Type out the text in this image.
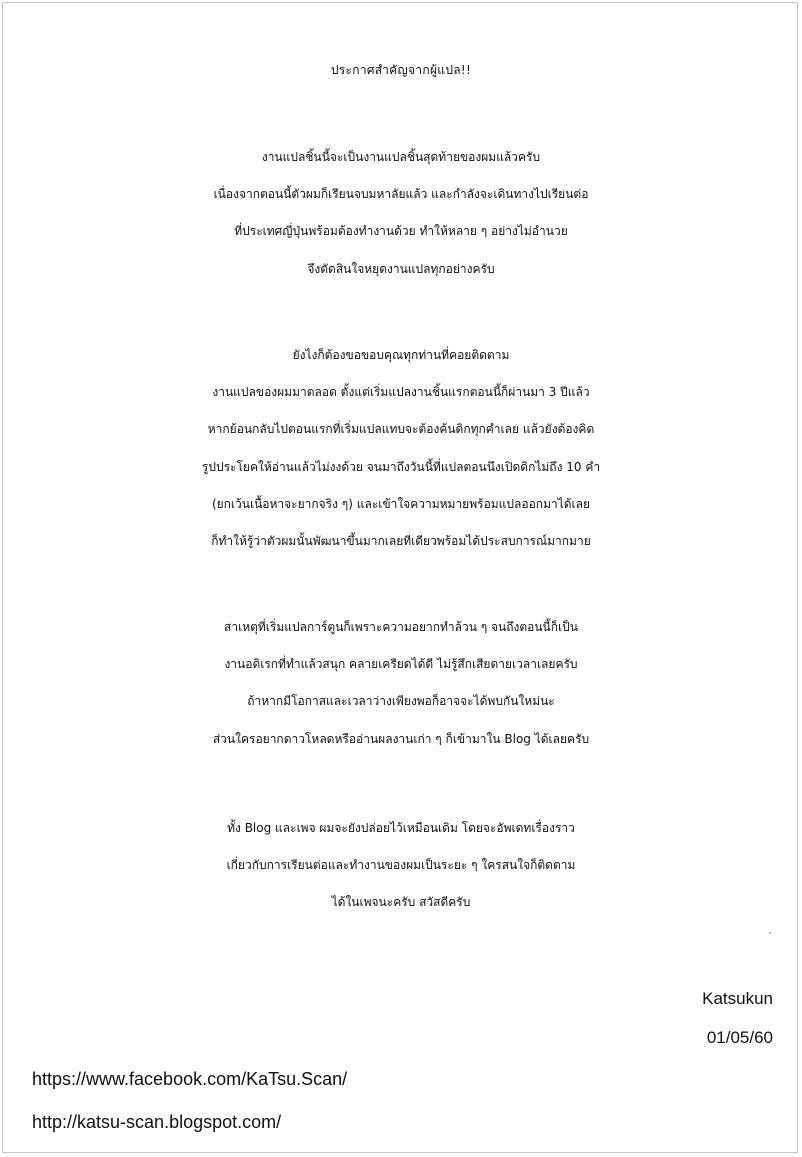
ประกาศสำคัญจากผู้แปล!!

งานแปลชิ้นนี้จะเป็นงานแปลชิ้นสุดท้ายของผมแล้วครับ
เนื่องจากตอนนี้ตัวผมก็เรียนจบมหาลัยแล้ว และกำลังจะเดินทางไปเรียนต่อ
ที่ประเทศญี่ปุ่นพร้อมต้องทำงานด้วย ทำให้หลาย ๆ อย่างไม่อำนวย
จึงตัดสินใจหยุดงานแปลทุกอย่างครับ

ยังไงก็ต้องขอขอบคุณทุกท่านที่คอยติดตาม
งานแปลของผมมาตลอด ตั้งแต่เริ่มแปลงานชิ้นแรกตอนนี้ก็ผ่านมา 3 ปีแล้ว
หากย้อนกลับไปตอนแรกที่เริ่มแปลแทบจะต้องค้นดิกทุกคำเลย แล้วยังต้องคิด
รูปประโยคให้อ่านแล้วไม่งงด้วย จนมาถึงวันนี้ที่แปลตอนนึงเปิดดิกไม่ถึง 10 คำ
(ยกเว้นเนื้อหาจะยากจริง ๆ) และเข้าใจความหมายพร้อมแปลออกมาได้เลย
ก็ทำให้รู้ว่าตัวผมนั้นพัฒนาขึ้นมากเลยทีเดียวพร้อมได้ประสบการณ์มากมาย

สาเหตุที่เริ่มแปลการ์ตูนก็เพราะความอยากทำล้วน ๆ จนถึงตอนนี้ก็เป็น
งานอดิเรกที่ทำแล้วสนุก คลายเครียดได้ดี ไม่รู้สึกเสียดายเวลาเลยครับ
ถ้าหากมีโอกาสและเวลาว่างเพียงพอก็อาจจะได้พบกันใหม่นะ
ส่วนใครอยากดาวโหลดหรืออ่านผลงานเก่า ๆ ก็เข้ามาใน Blog ได้เลยครับ

ทั้ง Blog และเพจ ผมจะยังปล่อยไว้เหมือนเดิม โดยจะอัพเดทเรื่องราว
เกี่ยวกับการเรียนต่อและทำงานของผมเป็นระยะ ๆ ใครสนใจก็ติดตาม
ได้ในเพจนะครับ สวัสดีครับ

Katsukun
01/05/60
https://www.facebook.com/KaTsu.Scan/
http://katsu-scan.blogspot.com/
